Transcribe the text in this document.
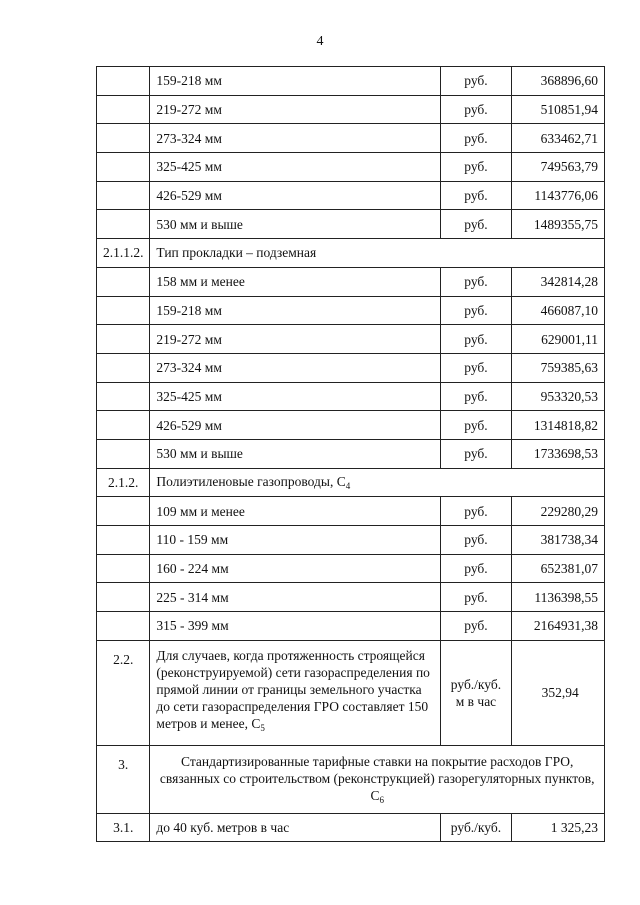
4
	159-218 мм	руб.	368896,60
	219-272 мм	руб.	510851,94
	273-324 мм	руб.	633462,71
	325-425 мм	руб.	749563,79
	426-529 мм	руб.	1143776,06
	530 мм и выше	руб.	1489355,75
2.1.1.2.	Тип прокладки – подземная		
	158 мм и менее	руб.	342814,28
	159-218 мм	руб.	466087,10
	219-272 мм	руб.	629001,11
	273-324 мм	руб.	759385,63
	325-425 мм	руб.	953320,53
	426-529 мм	руб.	1314818,82
	530 мм и выше	руб.	1733698,53
2.1.2.	Полиэтиленовые газопроводы, $С_4$
	109 мм и менее	руб.	229280,29
	110 - 159 мм	руб.	381738,34
	160 - 224 мм	руб.	652381,07
	225 - 314 мм	руб.	1136398,55
	315 - 399 мм	руб.	2164931,38
2.2.	Для случаев, когда протяженность строящейся (реконструируемой) сети газораспределения по прямой линии от границы земельного участка до сети газораспределения ГРО составляет 150 метров и менее, $С_5$	руб./куб. м в час	352,94
3.	Стандартизированные тарифные ставки на покрытие расходов ГРО, связанных со строительством (реконструкцией) газорегуляторных пунктов, $С_6$
3.1.	до 40 куб. метров в час	руб./куб.	1 325,23
